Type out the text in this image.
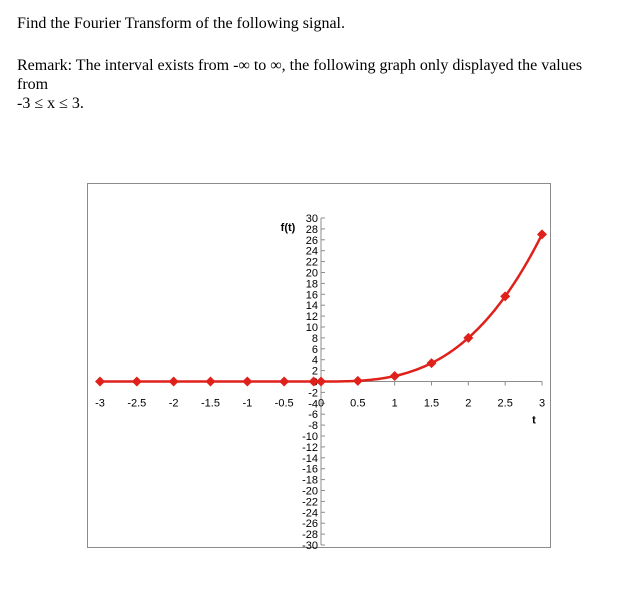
Find the Fourier Transform of the following signal.
Remark: The interval exists from -∞ to ∞, the following graph only displayed the values from
-3 ≤ x ≤ 3.
-30
-28
-26
-24
-22
-20
-18
-16
-14
-12
-10
-8
-6
-4
-2
2
4
6
8
10
12
14
16
18
20
22
24
26
28
30
-3 -2.5 -2 -1.5 -1 -0.5 0 0.5 1 1.5 2 2.5 3
f(t)
t
